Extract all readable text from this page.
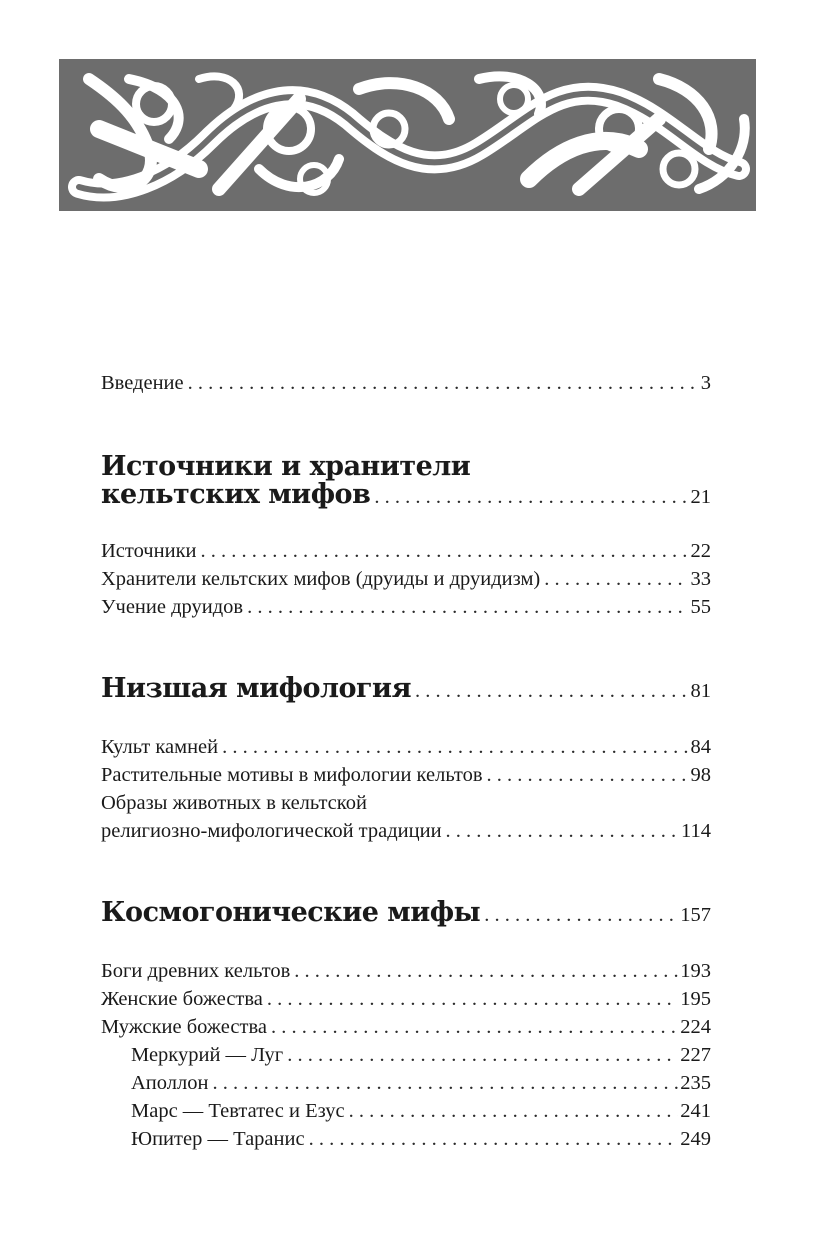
Введение . . .	3
Источники и хранители
кельтских мифов . . .	21
Источники . . .	22
Хранители кельтских мифов (друиды и друидизм) . . .	33
Учение друидов . . .	55
Низшая мифология . . .	81
Культ камней . . .	84
Растительные мотивы в мифологии кельтов . . .	98
Образы животных в кельтской
религиозно-мифологической традиции . . .	114
Космогонические мифы . . .	157
Боги древних кельтов . . .	193
Женские божества . . .	195
Мужские божества . . .	224
Меркурий — Луг . . .	227
Аполлон . . .	235
Марс — Тевтатес и Езус . . .	241
Юпитер — Таранис . . .	249
